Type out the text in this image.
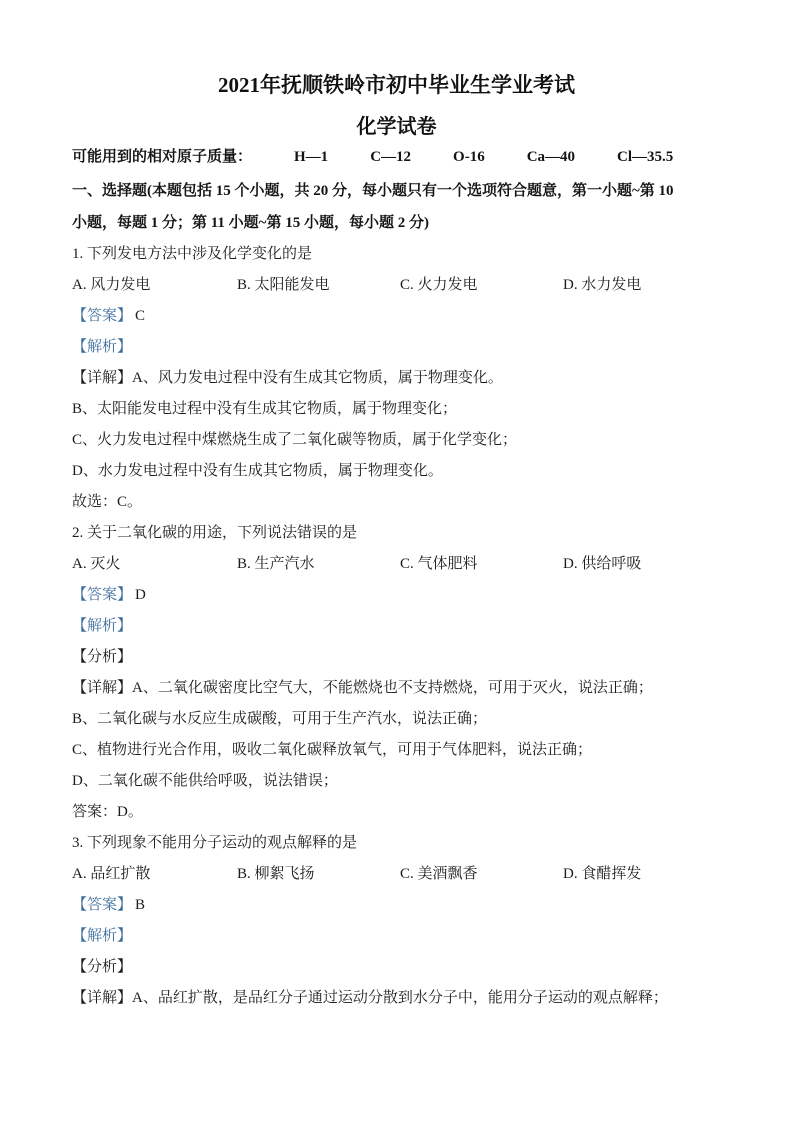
2021年抚顺铁岭市初中毕业生学业考试
化学试卷

可能用到的相对原子质量：	H—1	C—12	O-16	Ca—40	Cl—35.5

一、选择题(本题包括 15 个小题，共 20 分，每小题只有一个选项符合题意，第一小题~第 10

小题，每题 1 分；第 11 小题~第 15 小题，每小题 2 分)

1. 下列发电方法中涉及化学变化的是

A. 风力发电	B. 太阳能发电	C. 火力发电	D. 水力发电

【答案】 C

【解析】

【详解】A、风力发电过程中没有生成其它物质，属于物理变化。

B、太阳能发电过程中没有生成其它物质，属于物理变化；

C、火力发电过程中煤燃烧生成了二氧化碳等物质，属于化学变化；

D、水力发电过程中没有生成其它物质，属于物理变化。

故选：C。

2. 关于二氧化碳的用途，下列说法错误的是

A. 灭火	B. 生产汽水	C. 气体肥料	D. 供给呼吸

【答案】 D

【解析】

【分析】

【详解】A、二氧化碳密度比空气大，不能燃烧也不支持燃烧，可用于灭火，说法正确；

B、二氧化碳与水反应生成碳酸，可用于生产汽水，说法正确；

C、植物进行光合作用，吸收二氧化碳释放氧气，可用于气体肥料，说法正确；

D、二氧化碳不能供给呼吸，说法错误；

答案：D。

3. 下列现象不能用分子运动的观点解释的是

A. 品红扩散	B. 柳絮飞扬	C. 美酒飘香	D. 食醋挥发

【答案】 B

【解析】

【分析】

【详解】A、品红扩散，是品红分子通过运动分散到水分子中，能用分子运动的观点解释；
